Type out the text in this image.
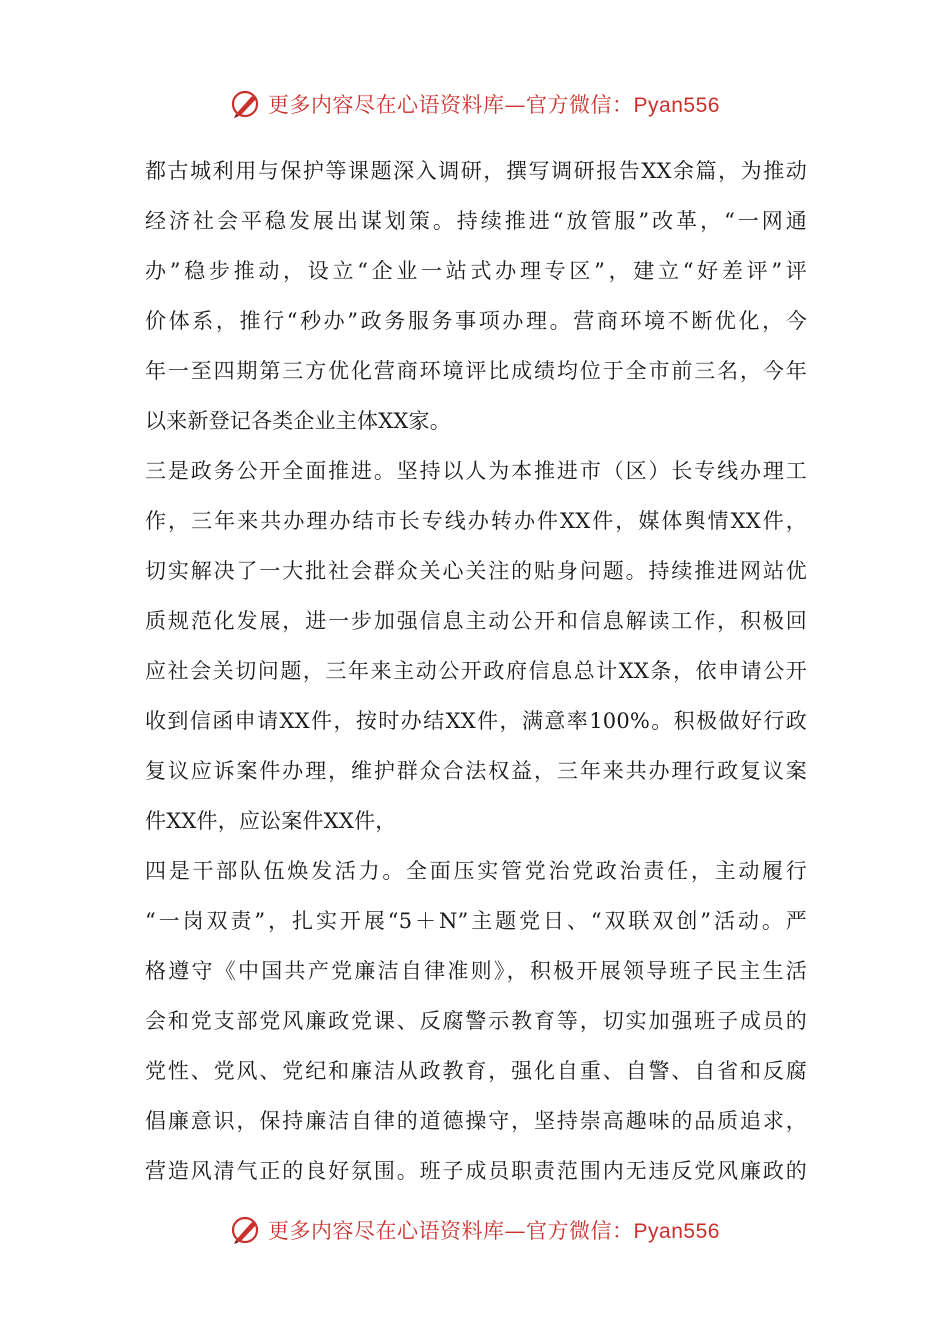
更多内容尽在心语资料库—官方微信：Pyan556
都古城利用与保护等课题深入调研，撰写调研报告XX余篇，为推动
经济社会平稳发展出谋划策。持续推进“放管服”改革，“一网通
办”稳步推动，设立“企业一站式办理专区”，建立“好差评”评
价体系，推行“秒办”政务服务事项办理。营商环境不断优化，今
年一至四期第三方优化营商环境评比成绩均位于全市前三名，今年
以来新登记各类企业主体XX家。
三是政务公开全面推进。坚持以人为本推进市（区）长专线办理工
作，三年来共办理办结市长专线办转办件XX件，媒体舆情XX件，
切实解决了一大批社会群众关心关注的贴身问题。持续推进网站优
质规范化发展，进一步加强信息主动公开和信息解读工作，积极回
应社会关切问题，三年来主动公开政府信息总计XX条，依申请公开
收到信函申请XX件，按时办结XX件，满意率100%。积极做好行政
复议应诉案件办理，维护群众合法权益，三年来共办理行政复议案
件XX件，应讼案件XX件，
四是干部队伍焕发活力。全面压实管党治党政治责任，主动履行
“一岗双责”，扎实开展“5＋N”主题党日、“双联双创”活动。严
格遵守《中国共产党廉洁自律准则》，积极开展领导班子民主生活
会和党支部党风廉政党课、反腐警示教育等，切实加强班子成员的
党性、党风、党纪和廉洁从政教育，强化自重、自警、自省和反腐
倡廉意识，保持廉洁自律的道德操守，坚持崇高趣味的品质追求，
营造风清气正的良好氛围。班子成员职责范围内无违反党风廉政的
更多内容尽在心语资料库—官方微信：Pyan556
